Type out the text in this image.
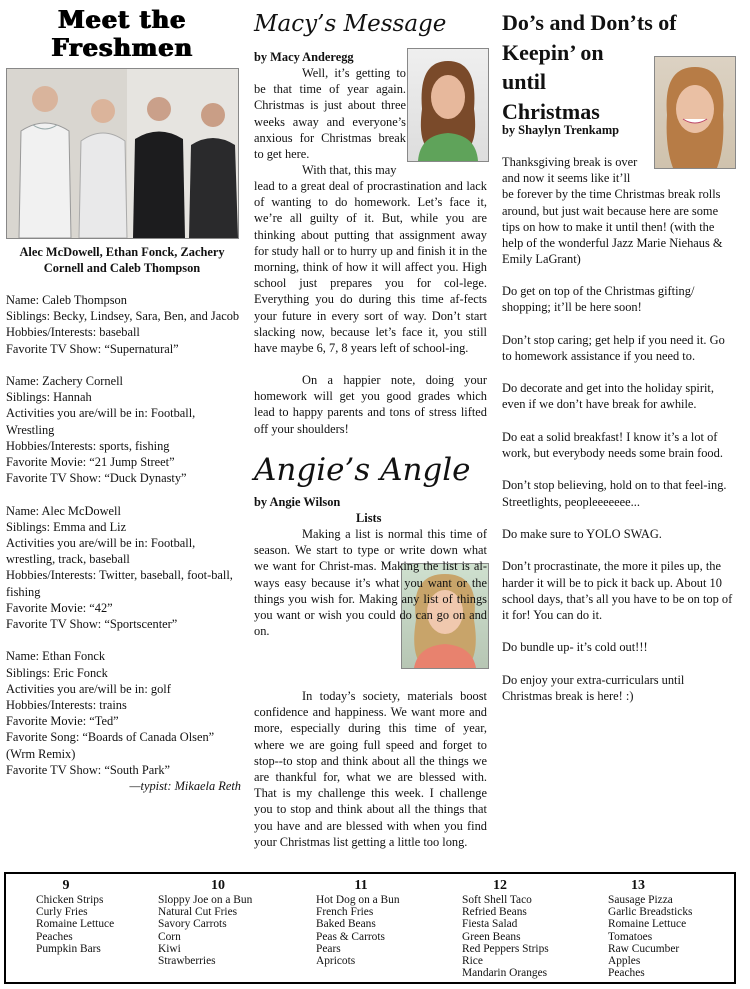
Meet the
Freshmen
Alec McDowell, Ethan Fonck, Zachery Cornell and Caleb Thompson

Name: Caleb Thompson

Siblings: Becky, Lindsey, Sara, Ben, and Jacob

Hobbies/Interests: baseball

Favorite TV Show: “Supernatural”

Name: Zachery Cornell

Siblings: Hannah

Activities you are/will be in: Football, Wrestling

Hobbies/Interests: sports, fishing

Favorite Movie: “21 Jump Street”

Favorite TV Show: “Duck Dynasty”

Name: Alec McDowell

Siblings: Emma and Liz

Activities you are/will be in: Football, wrestling, track, baseball

Hobbies/Interests: Twitter, baseball, foot-ball, fishing

Favorite Movie: “42”

Favorite TV Show: “Sportscenter”

Name: Ethan Fonck

Siblings: Eric Fonck

Activities you are/will be in: golf

Hobbies/Interests: trains

Favorite Movie: “Ted”

Favorite Song: “Boards of Canada Olsen” (Wrm Remix)

Favorite TV Show: “South Park”

—typist: Mikaela Reth

Macy’s Message
by Macy Anderegg

Well, it’s getting to be that time of year again. Christmas is just about three weeks away and everyone’s anxious for Christmas break to get here.

With that, this may

lead to a great deal of procrastination and lack of wanting to do homework. Let’s face it, we’re all guilty of it. But, while you are thinking about putting that assignment away for study hall or to hurry up and finish it in the morning, think of how it will affect you. High school just prepares you for col-lege. Everything you do during this time af-fects your future in every sort of way. Don’t start slacking now, because let’s face it, you still have maybe 6, 7, 8 years left of school-ing.

On a happier note, doing your homework will get you good grades which lead to happy parents and tons of stress lifted off your shoulders!

Angie’s Angle
by Angie Wilson
Lists

Making a list is normal this time of season. We start to type or write down what we want for Christ-mas. Making the list is al-ways easy because it’s what you want or the things you wish for. Making any list of things you want or wish you could do can go on and on.

In today’s society, materials boost confidence and happiness. We want more and more, especially during this time of year, where we are going full speed and forget to stop--to stop and think about all the things we are thankful for, what we are blessed with. That is my challenge this week. I challenge you to stop and think about all the things that you have and are blessed with when you find your Christmas list getting a little too long.

Do’s and Don’ts of
Keepin’ on
until
Christmas
by Shaylyn Trenkamp

Thanksgiving break is over

and now it seems like it’ll

be forever by the time Christmas break rolls around, but just wait because here are some tips on how to make it until then! (with the help of the wonderful Jazz Marie Niehaus & Emily LaGrant)

Do get on top of the Christmas gifting/ shopping; it’ll be here soon!

Don’t stop caring; get help if you need it. Go to homework assistance if you need to.

Do decorate and get into the holiday spirit, even if we don’t have break for awhile.

Do eat a solid breakfast! I know it’s a lot of work, but everybody needs some brain food.

Don’t stop believing, hold on to that feel-ing. Streetlights, peopleeeeeee...

Do make sure to YOLO SWAG.

Don’t procrastinate, the more it piles up, the harder it will be to pick it back up. About 10 school days, that’s all you have to be on top of it for! You can do it.

Do bundle up- it’s cold out!!!

Do enjoy your extra-curriculars until Christmas break is here! :)

9
Chicken Strips
Curly Fries
Romaine Lettuce
Peaches
Pumpkin Bars
10
Sloppy Joe on a Bun
Natural Cut Fries
Savory Carrots
Corn
Kiwi
Strawberries
11
Hot Dog on a Bun
French Fries
Baked Beans
Peas & Carrots
Pears
Apricots
12
Soft Shell Taco
Refried Beans
Fiesta Salad
Green Beans
Red Peppers Strips
Rice
Mandarin Oranges
13
Sausage Pizza
Garlic Breadsticks
Romaine Lettuce
Tomatoes
Raw Cucumber
Apples
Peaches
